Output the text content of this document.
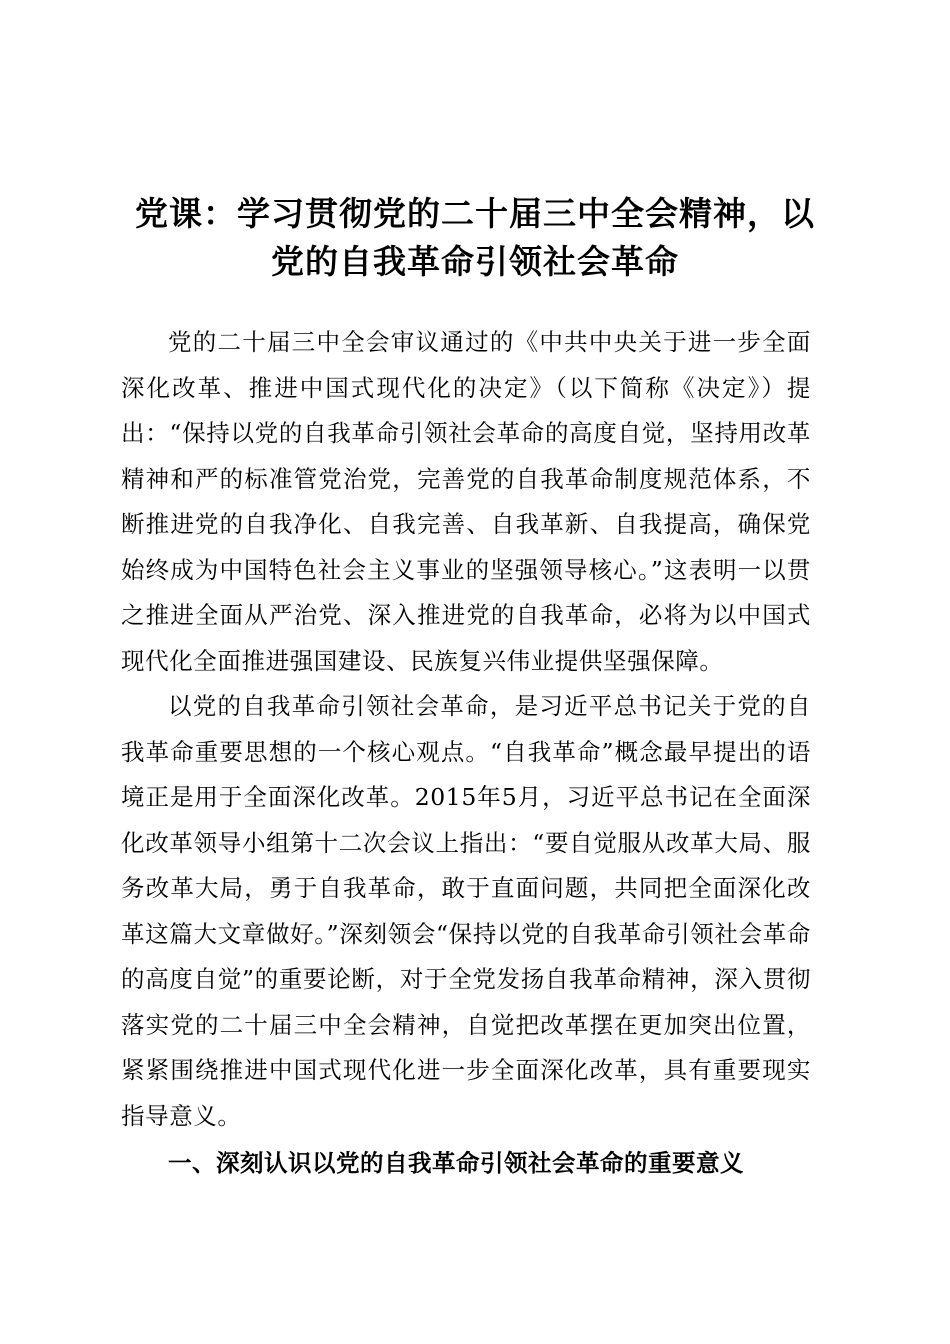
党课：学习贯彻党的二十届三中全会精神，以
党的自我革命引领社会革命

党的二十届三中全会审议通过的《中共中央关于进一步全面深化改革、推进中国式现代化的决定》（以下简称《决定》）提出：“保持以党的自我革命引领社会革命的高度自觉，坚持用改革精神和严的标准管党治党，完善党的自我革命制度规范体系，不断推进党的自我净化、自我完善、自我革新、自我提高，确保党始终成为中国特色社会主义事业的坚强领导核心。”这表明一以贯之推进全面从严治党、深入推进党的自我革命，必将为以中国式现代化全面推进强国建设、民族复兴伟业提供坚强保障。

以党的自我革命引领社会革命，是习近平总书记关于党的自我革命重要思想的一个核心观点。“自我革命”概念最早提出的语境正是用于全面深化改革。2015年5月，习近平总书记在全面深化改革领导小组第十二次会议上指出：“要自觉服从改革大局、服务改革大局，勇于自我革命，敢于直面问题，共同把全面深化改革这篇大文章做好。”深刻领会“保持以党的自我革命引领社会革命的高度自觉”的重要论断，对于全党发扬自我革命精神，深入贯彻落实党的二十届三中全会精神，自觉把改革摆在更加突出位置，紧紧围绕推进中国式现代化进一步全面深化改革，具有重要现实指导意义。

一、深刻认识以党的自我革命引领社会革命的重要意义
